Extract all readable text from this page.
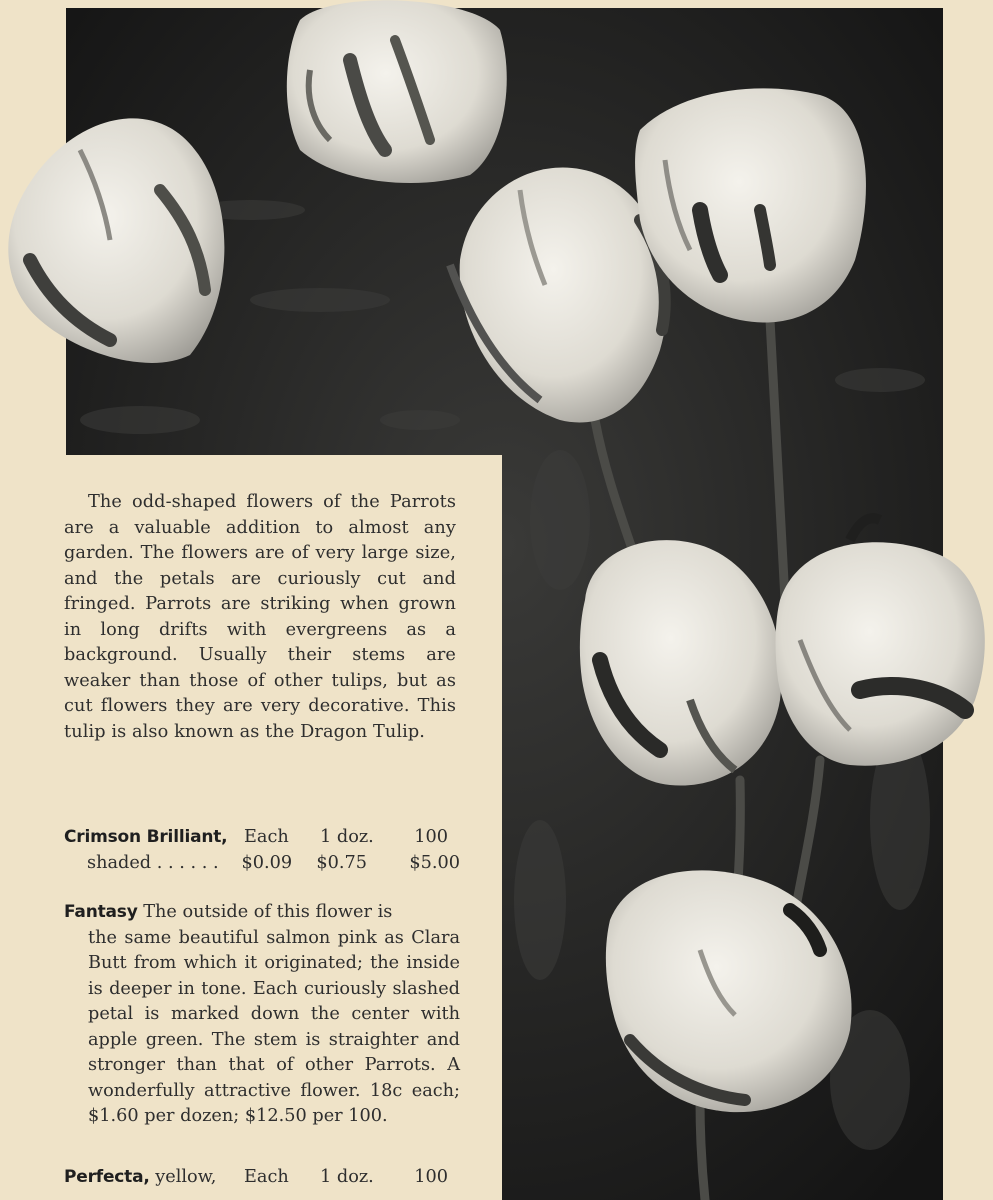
The odd-shaped flowers of the Parrots are a valuable addition to almost any garden. The flowers are of very large size, and the petals are curiously cut and fringed. Parrots are striking when grown in long drifts with evergreens as a background. Usually their stems are weaker than those of other tulips, but as cut flowers they are very decorative. This tulip is also known as the Dragon Tulip.

Crimson Brilliant, Each	1 doz.	100
shaded . . . . . .	$0.09	$0.75	$5.00

Fantasy The outside of this flower is

the same beautiful salmon pink as Clara Butt from which it originated; the inside is deeper in tone. Each curiously slashed petal is marked down the center with apple green. The stem is straighter and stronger than that of other Parrots. A wonderfully attractive flower. 18c each; $1.60 per dozen; $12.50 per 100.

Perfecta, yellow,	Each	1 doz.	100
